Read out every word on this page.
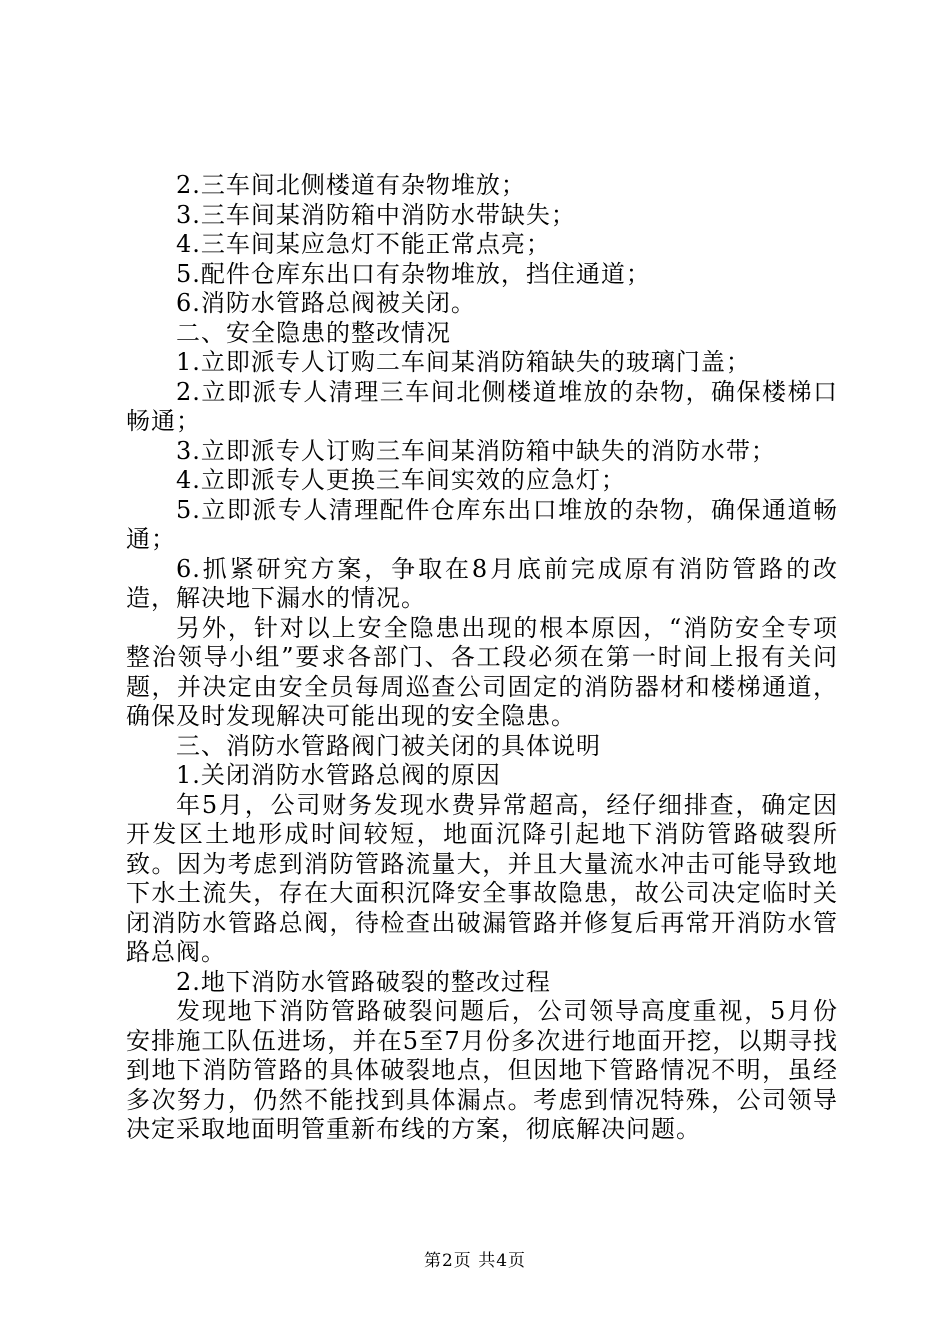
2.三车间北侧楼道有杂物堆放；

3.三车间某消防箱中消防水带缺失；

4.三车间某应急灯不能正常点亮；

5.配件仓库东出口有杂物堆放，挡住通道；

6.消防水管路总阀被关闭。

二、安全隐患的整改情况

1.立即派专人订购二车间某消防箱缺失的玻璃门盖；

2.立即派专人清理三车间北侧楼道堆放的杂物，确保楼梯口畅通；

3.立即派专人订购三车间某消防箱中缺失的消防水带；

4.立即派专人更换三车间实效的应急灯；

5.立即派专人清理配件仓库东出口堆放的杂物，确保通道畅通；

6.抓紧研究方案，争取在8月底前完成原有消防管路的改造，解决地下漏水的情况。

另外，针对以上安全隐患出现的根本原因，“消防安全专项整治领导小组”要求各部门、各工段必须在第一时间上报有关问题，并决定由安全员每周巡查公司固定的消防器材和楼梯通道，确保及时发现解决可能出现的安全隐患。

三、消防水管路阀门被关闭的具体说明

1.关闭消防水管路总阀的原因

年5月，公司财务发现水费异常超高，经仔细排查，确定因开发区土地形成时间较短，地面沉降引起地下消防管路破裂所致。因为考虑到消防管路流量大，并且大量流水冲击可能导致地下水土流失，存在大面积沉降安全事故隐患，故公司决定临时关闭消防水管路总阀，待检查出破漏管路并修复后再常开消防水管路总阀。

2.地下消防水管路破裂的整改过程

发现地下消防管路破裂问题后，公司领导高度重视，5月份安排施工队伍进场，并在5至7月份多次进行地面开挖，以期寻找到地下消防管路的具体破裂地点，但因地下管路情况不明，虽经多次努力，仍然不能找到具体漏点。考虑到情况特殊，公司领导决定采取地面明管重新布线的方案，彻底解决问题。

第2页 共4页
